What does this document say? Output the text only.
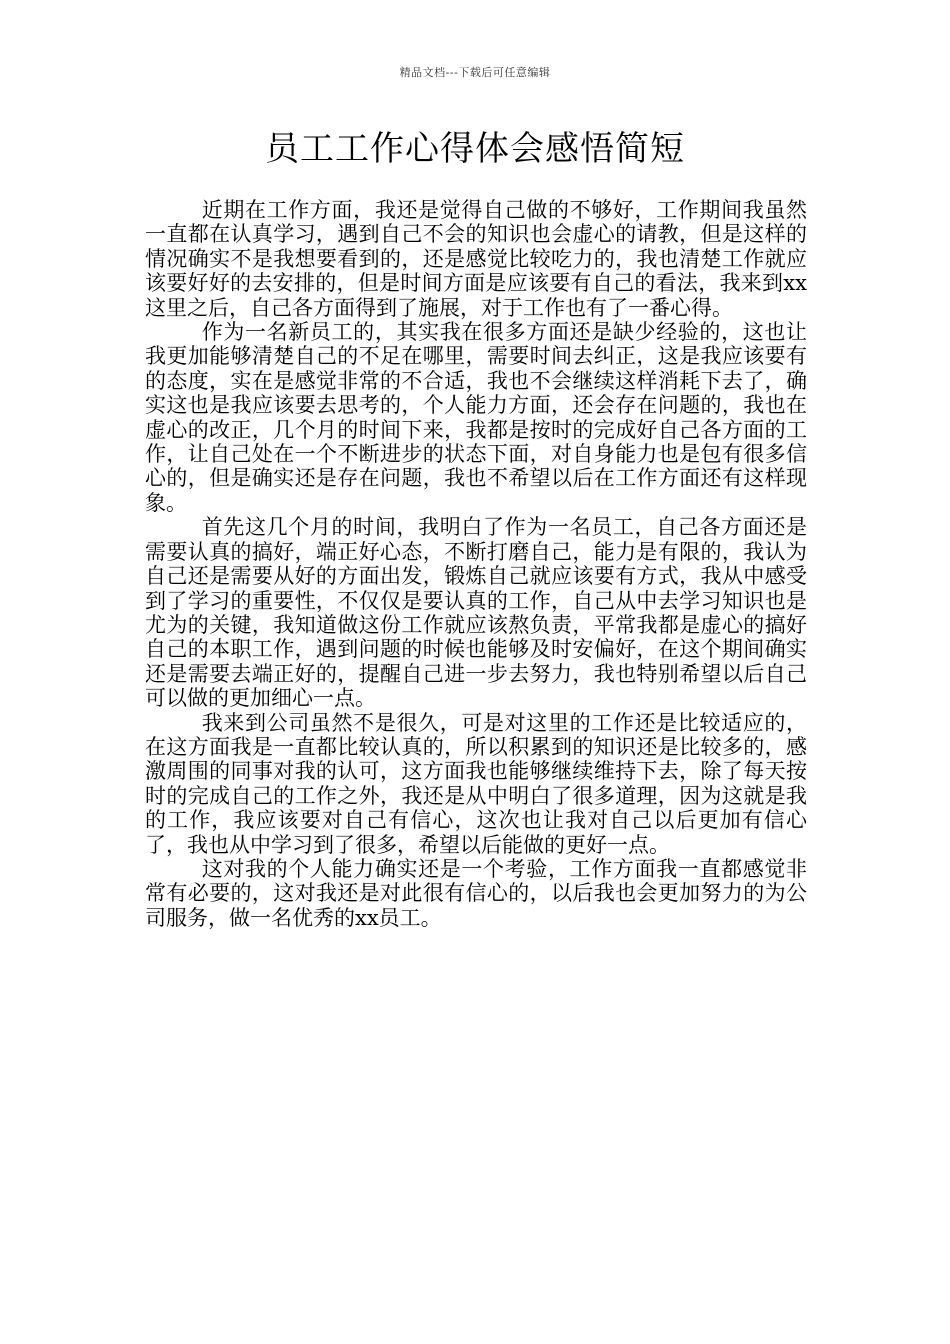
精品文档---下载后可任意编辑
员工工作心得体会感悟简短

近期在工作方面，我还是觉得自己做的不够好，工作期间我虽然一直都在认真学习，遇到自己不会的知识也会虚心的请教，但是这样的情况确实不是我想要看到的，还是感觉比较吃力的，我也清楚工作就应该要好好的去安排的，但是时间方面是应该要有自己的看法，我来到xx这里之后，自己各方面得到了施展，对于工作也有了一番心得。

作为一名新员工的，其实我在很多方面还是缺少经验的，这也让我更加能够清楚自己的不足在哪里，需要时间去纠正，这是我应该要有的态度，实在是感觉非常的不合适，我也不会继续这样消耗下去了，确实这也是我应该要去思考的，个人能力方面，还会存在问题的，我也在虚心的改正，几个月的时间下来，我都是按时的完成好自己各方面的工作，让自己处在一个不断进步的状态下面，对自身能力也是包有很多信心的，但是确实还是存在问题，我也不希望以后在工作方面还有这样现象。

首先这几个月的时间，我明白了作为一名员工，自己各方面还是需要认真的搞好，端正好心态，不断打磨自己，能力是有限的，我认为自己还是需要从好的方面出发，锻炼自己就应该要有方式，我从中感受到了学习的重要性，不仅仅是要认真的工作，自己从中去学习知识也是尤为的关键，我知道做这份工作就应该熬负责，平常我都是虚心的搞好自己的本职工作，遇到问题的时候也能够及时安偏好，在这个期间确实还是需要去端正好的，提醒自己进一步去努力，我也特别希望以后自己可以做的更加细心一点。

我来到公司虽然不是很久，可是对这里的工作还是比较适应的，在这方面我是一直都比较认真的，所以积累到的知识还是比较多的，感激周围的同事对我的认可，这方面我也能够继续维持下去，除了每天按时的完成自己的工作之外，我还是从中明白了很多道理，因为这就是我的工作，我应该要对自己有信心，这次也让我对自己以后更加有信心了，我也从中学习到了很多，希望以后能做的更好一点。

这对我的个人能力确实还是一个考验，工作方面我一直都感觉非常有必要的，这对我还是对此很有信心的，以后我也会更加努力的为公司服务，做一名优秀的xx员工。
